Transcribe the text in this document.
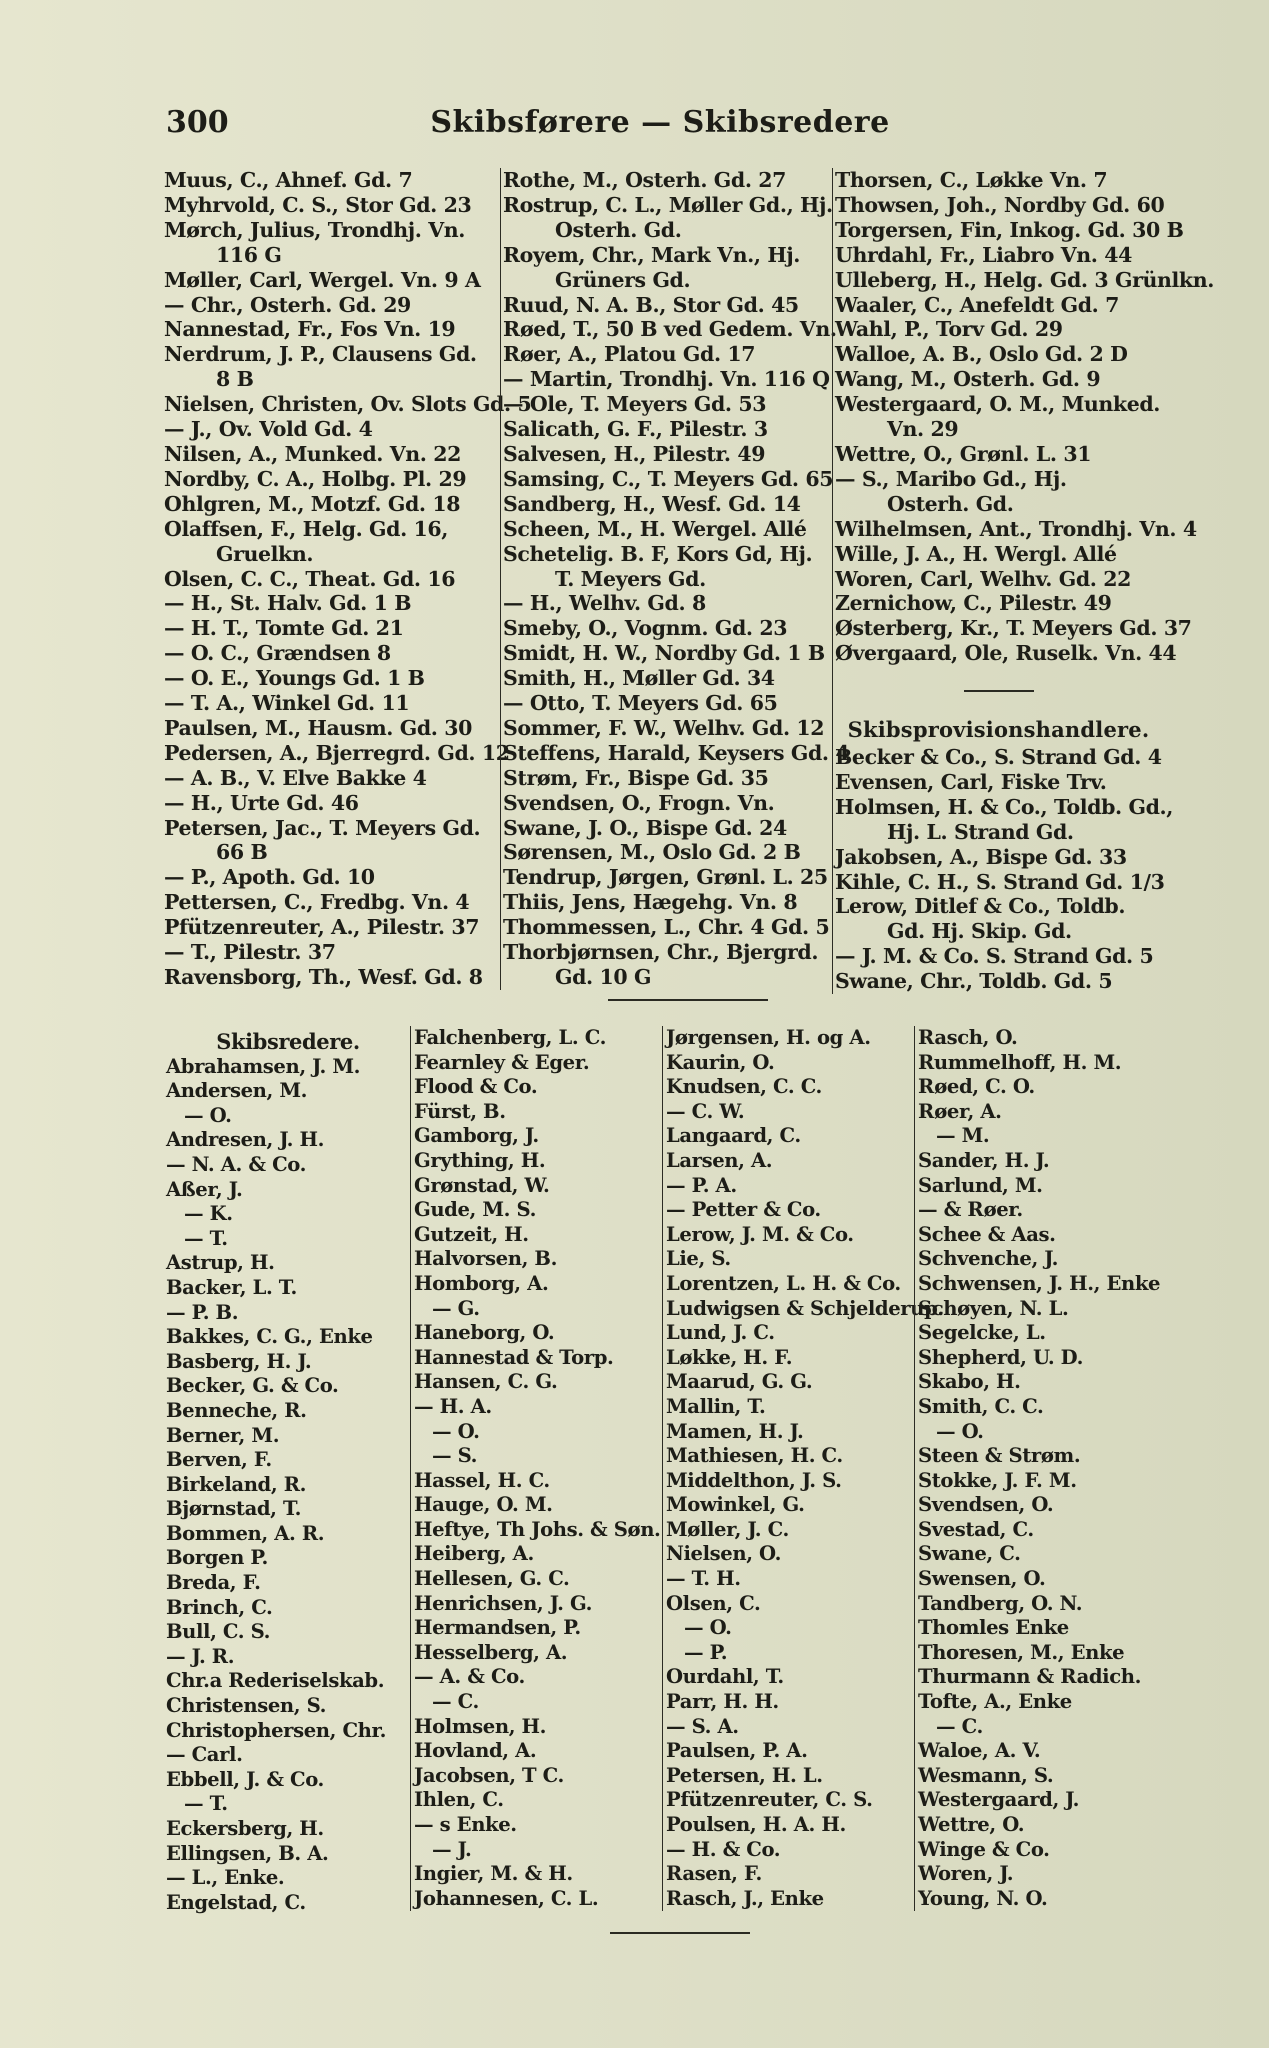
300	Skibsførere — Skibsredere
Muus, C., Ahnef. Gd. 7
Myhrvold, C. S., Stor Gd. 23
Mørch, Julius, Trondhj. Vn.
116 G
Møller, Carl, Wergel. Vn. 9 A
— Chr., Osterh. Gd. 29
Nannestad, Fr., Fos Vn. 19
Nerdrum, J. P., Clausens Gd.
8 B
Nielsen, Christen, Ov. Slots Gd. 5
— J., Ov. Vold Gd. 4
Nilsen, A., Munked. Vn. 22
Nordby, C. A., Holbg. Pl. 29
Ohlgren, M., Motzf. Gd. 18
Olaffsen, F., Helg. Gd. 16,
Gruelkn.
Olsen, C. C., Theat. Gd. 16
— H., St. Halv. Gd. 1 B
— H. T., Tomte Gd. 21
— O. C., Grændsen 8
— O. E., Youngs Gd. 1 B
— T. A., Winkel Gd. 11
Paulsen, M., Hausm. Gd. 30
Pedersen, A., Bjerregrd. Gd. 12
— A. B., V. Elve Bakke 4
— H., Urte Gd. 46
Petersen, Jac., T. Meyers Gd.
66 B
— P., Apoth. Gd. 10
Pettersen, C., Fredbg. Vn. 4
Pfützenreuter, A., Pilestr. 37
— T., Pilestr. 37
Ravensborg, Th., Wesf. Gd. 8
Rothe, M., Osterh. Gd. 27
Rostrup, C. L., Møller Gd., Hj.
Osterh. Gd.
Royem, Chr., Mark Vn., Hj.
Grüners Gd.
Ruud, N. A. B., Stor Gd. 45
Røed, T., 50 B ved Gedem. Vn.
Røer, A., Platou Gd. 17
— Martin, Trondhj. Vn. 116 Q
— Ole, T. Meyers Gd. 53
Salicath, G. F., Pilestr. 3
Salvesen, H., Pilestr. 49
Samsing, C., T. Meyers Gd. 65
Sandberg, H., Wesf. Gd. 14
Scheen, M., H. Wergel. Allé
Schetelig. B. F, Kors Gd, Hj.
T. Meyers Gd.
— H., Welhv. Gd. 8
Smeby, O., Vognm. Gd. 23
Smidt, H. W., Nordby Gd. 1 B
Smith, H., Møller Gd. 34
— Otto, T. Meyers Gd. 65
Sommer, F. W., Welhv. Gd. 12
Steffens, Harald, Keysers Gd. 4
Strøm, Fr., Bispe Gd. 35
Svendsen, O., Frogn. Vn.
Swane, J. O., Bispe Gd. 24
Sørensen, M., Oslo Gd. 2 B
Tendrup, Jørgen, Grønl. L. 25
Thiis, Jens, Hægehg. Vn. 8
Thommessen, L., Chr. 4 Gd. 5
Thorbjørnsen, Chr., Bjergrd.
Gd. 10 G
Thorsen, C., Løkke Vn. 7
Thowsen, Joh., Nordby Gd. 60
Torgersen, Fin, Inkog. Gd. 30 B
Uhrdahl, Fr., Liabro Vn. 44
Ulleberg, H., Helg. Gd. 3 Grünlkn.
Waaler, C., Anefeldt Gd. 7
Wahl, P., Torv Gd. 29
Walloe, A. B., Oslo Gd. 2 D
Wang, M., Osterh. Gd. 9
Westergaard, O. M., Munked.
Vn. 29
Wettre, O., Grønl. L. 31
— S., Maribo Gd., Hj.
Osterh. Gd.
Wilhelmsen, Ant., Trondhj. Vn. 4
Wille, J. A., H. Wergl. Allé
Woren, Carl, Welhv. Gd. 22
Zernichow, C., Pilestr. 49
Østerberg, Kr., T. Meyers Gd. 37
Øvergaard, Ole, Ruselk. Vn. 44
Skibsprovisionshandlere.
Becker & Co., S. Strand Gd. 4
Evensen, Carl, Fiske Trv.
Holmsen, H. & Co., Toldb. Gd.,
Hj. L. Strand Gd.
Jakobsen, A., Bispe Gd. 33
Kihle, C. H., S. Strand Gd. 1/3
Lerow, Ditlef & Co., Toldb.
Gd. Hj. Skip. Gd.
— J. M. & Co. S. Strand Gd. 5
Swane, Chr., Toldb. Gd. 5
Skibsredere.
Abrahamsen, J. M.
Andersen, M.
— O.
Andresen, J. H.
— N. A. & Co.
Aßer, J.
— K.
— T.
Astrup, H.
Backer, L. T.
— P. B.
Bakkes, C. G., Enke
Basberg, H. J.
Becker, G. & Co.
Benneche, R.
Berner, M.
Berven, F.
Birkeland, R.
Bjørnstad, T.
Bommen, A. R.
Borgen P.
Breda, F.
Brinch, C.
Bull, C. S.
— J. R.
Chr.a Rederiselskab.
Christensen, S.
Christophersen, Chr.
— Carl.
Ebbell, J. & Co.
— T.
Eckersberg, H.
Ellingsen, B. A.
— L., Enke.
Engelstad, C.
Falchenberg, L. C.
Fearnley & Eger.
Flood & Co.
Fürst, B.
Gamborg, J.
Grything, H.
Grønstad, W.
Gude, M. S.
Gutzeit, H.
Halvorsen, B.
Homborg, A.
— G.
Haneborg, O.
Hannestad & Torp.
Hansen, C. G.
— H. A.
— O.
— S.
Hassel, H. C.
Hauge, O. M.
Heftye, Th Johs. & Søn.
Heiberg, A.
Hellesen, G. C.
Henrichsen, J. G.
Hermandsen, P.
Hesselberg, A.
— A. & Co.
— C.
Holmsen, H.
Hovland, A.
Jacobsen, T C.
Ihlen, C.
— s Enke.
— J.
Ingier, M. & H.
Johannesen, C. L.
Jørgensen, H. og A.
Kaurin, O.
Knudsen, C. C.
— C. W.
Langaard, C.
Larsen, A.
— P. A.
— Petter & Co.
Lerow, J. M. & Co.
Lie, S.
Lorentzen, L. H. & Co.
Ludwigsen & Schjelderup.
Lund, J. C.
Løkke, H. F.
Maarud, G. G.
Mallin, T.
Mamen, H. J.
Mathiesen, H. C.
Middelthon, J. S.
Mowinkel, G.
Møller, J. C.
Nielsen, O.
— T. H.
Olsen, C.
— O.
— P.
Ourdahl, T.
Parr, H. H.
— S. A.
Paulsen, P. A.
Petersen, H. L.
Pfützenreuter, C. S.
Poulsen, H. A. H.
— H. & Co.
Rasen, F.
Rasch, J., Enke
Rasch, O.
Rummelhoff, H. M.
Røed, C. O.
Røer, A.
— M.
Sander, H. J.
Sarlund, M.
— & Røer.
Schee & Aas.
Schvenche, J.
Schwensen, J. H., Enke
Schøyen, N. L.
Segelcke, L.
Shepherd, U. D.
Skabo, H.
Smith, C. C.
— O.
Steen & Strøm.
Stokke, J. F. M.
Svendsen, O.
Svestad, C.
Swane, C.
Swensen, O.
Tandberg, O. N.
Thomles Enke
Thoresen, M., Enke
Thurmann & Radich.
Tofte, A., Enke
— C.
Waloe, A. V.
Wesmann, S.
Westergaard, J.
Wettre, O.
Winge & Co.
Woren, J.
Young, N. O.
